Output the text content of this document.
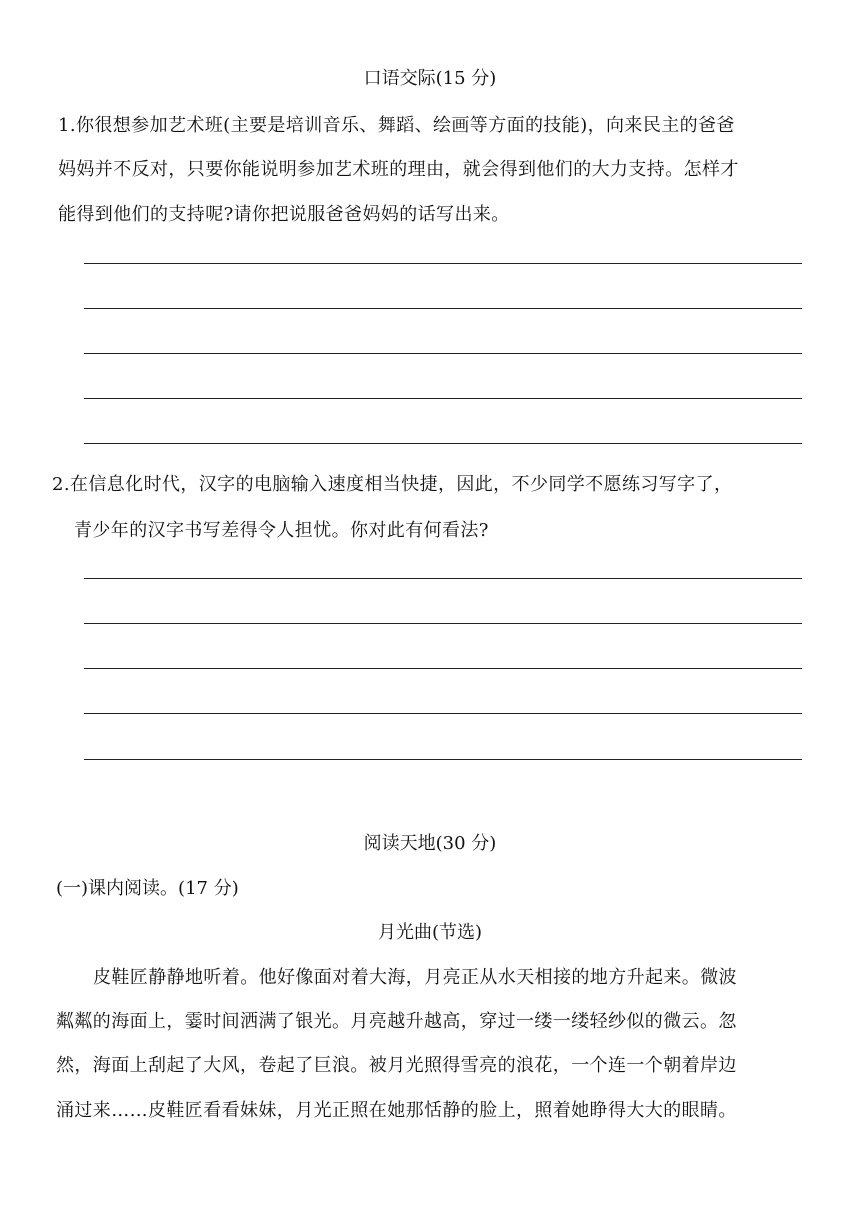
口语交际(15 分)
1.你很想参加艺术班(主要是培训音乐、舞蹈、绘画等方面的技能)，向来民主的爸爸
妈妈并不反对，只要你能说明参加艺术班的理由，就会得到他们的大力支持。怎样才
能得到他们的支持呢?请你把说服爸爸妈妈的话写出来。
2.在信息化时代，汉字的电脑输入速度相当快捷，因此，不少同学不愿练习写字了，
青少年的汉字书写差得令人担忧。你对此有何看法?
阅读天地(30 分)
(一)课内阅读。(17 分)
月光曲(节选)
皮鞋匠静静地听着。他好像面对着大海，月亮正从水天相接的地方升起来。微波
粼粼的海面上，霎时间洒满了银光。月亮越升越高，穿过一缕一缕轻纱似的微云。忽
然，海面上刮起了大风，卷起了巨浪。被月光照得雪亮的浪花，一个连一个朝着岸边
涌过来……皮鞋匠看看妹妹，月光正照在她那恬静的脸上，照着她睁得大大的眼睛。
